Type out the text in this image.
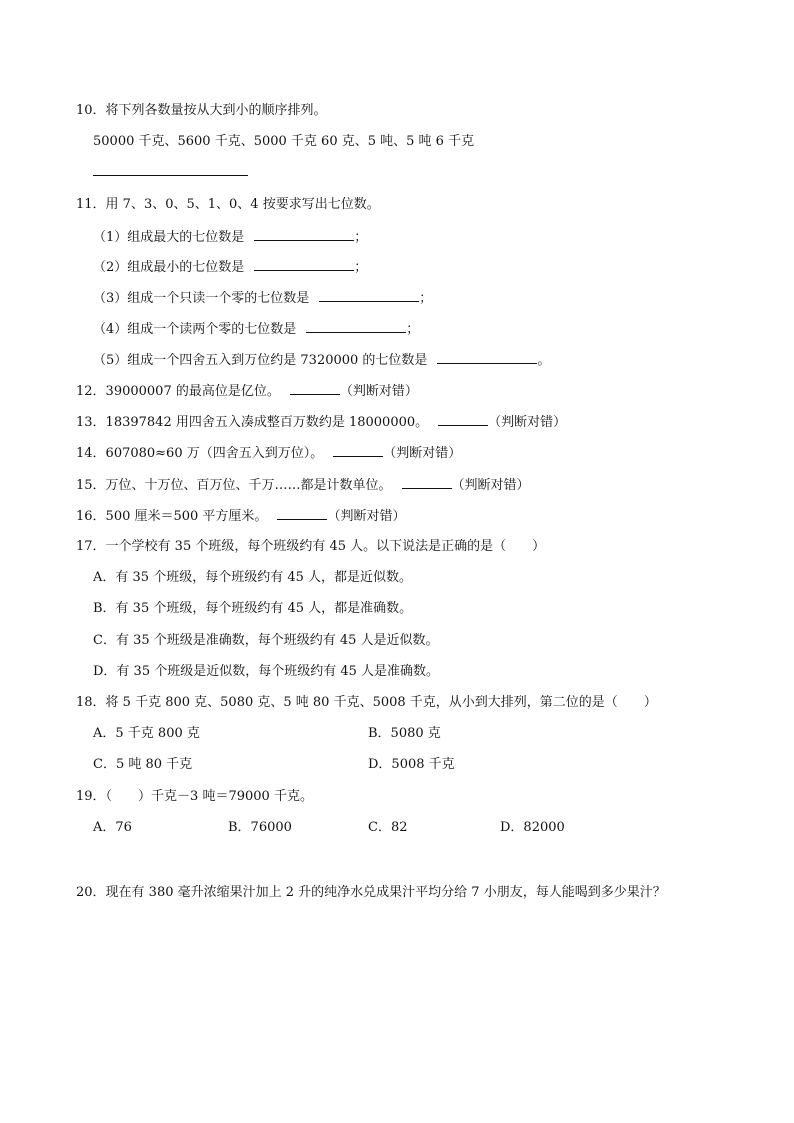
10．将下列各数量按从大到小的顺序排列。
50000 千克、5600 千克、5000 千克 60 克、5 吨、5 吨 6 千克
11．用 7、3、0、5、1、0、4 按要求写出七位数。
（1）组成最大的七位数是	；
（2）组成最小的七位数是	；
（3）组成一个只读一个零的七位数是	；
（4）组成一个读两个零的七位数是	；
（5）组成一个四舍五入到万位约是 7320000 的七位数是	。
12．39000007 的最高位是亿位。	（判断对错）
13．18397842 用四舍五入凑成整百万数约是 18000000。	（判断对错）
14．607080≈60 万（四舍五入到万位）。	（判断对错）
15．万位、十万位、百万位、千万……都是计数单位。	（判断对错）
16．500 厘米＝500 平方厘米。	（判断对错）
17．一个学校有 35 个班级，每个班级约有 45 人。以下说法是正确的是（ ）
A．有 35 个班级，每个班级约有 45 人，都是近似数。
B．有 35 个班级，每个班级约有 45 人，都是准确数。
C．有 35 个班级是准确数，每个班级约有 45 人是近似数。
D．有 35 个班级是近似数，每个班级约有 45 人是准确数。
18．将 5 千克 800 克、5080 克、5 吨 80 千克、5008 千克，从小到大排列，第二位的是（ ）
A．5 千克 800 克	B．5080 克
C．5 吨 80 千克	D．5008 千克
19．（ ）千克－3 吨＝79000 千克。
A．76	B．76000	C．82	D．82000
20．现在有 380 毫升浓缩果汁加上 2 升的纯净水兑成果汁平均分给 7 小朋友，每人能喝到多少果汁？
